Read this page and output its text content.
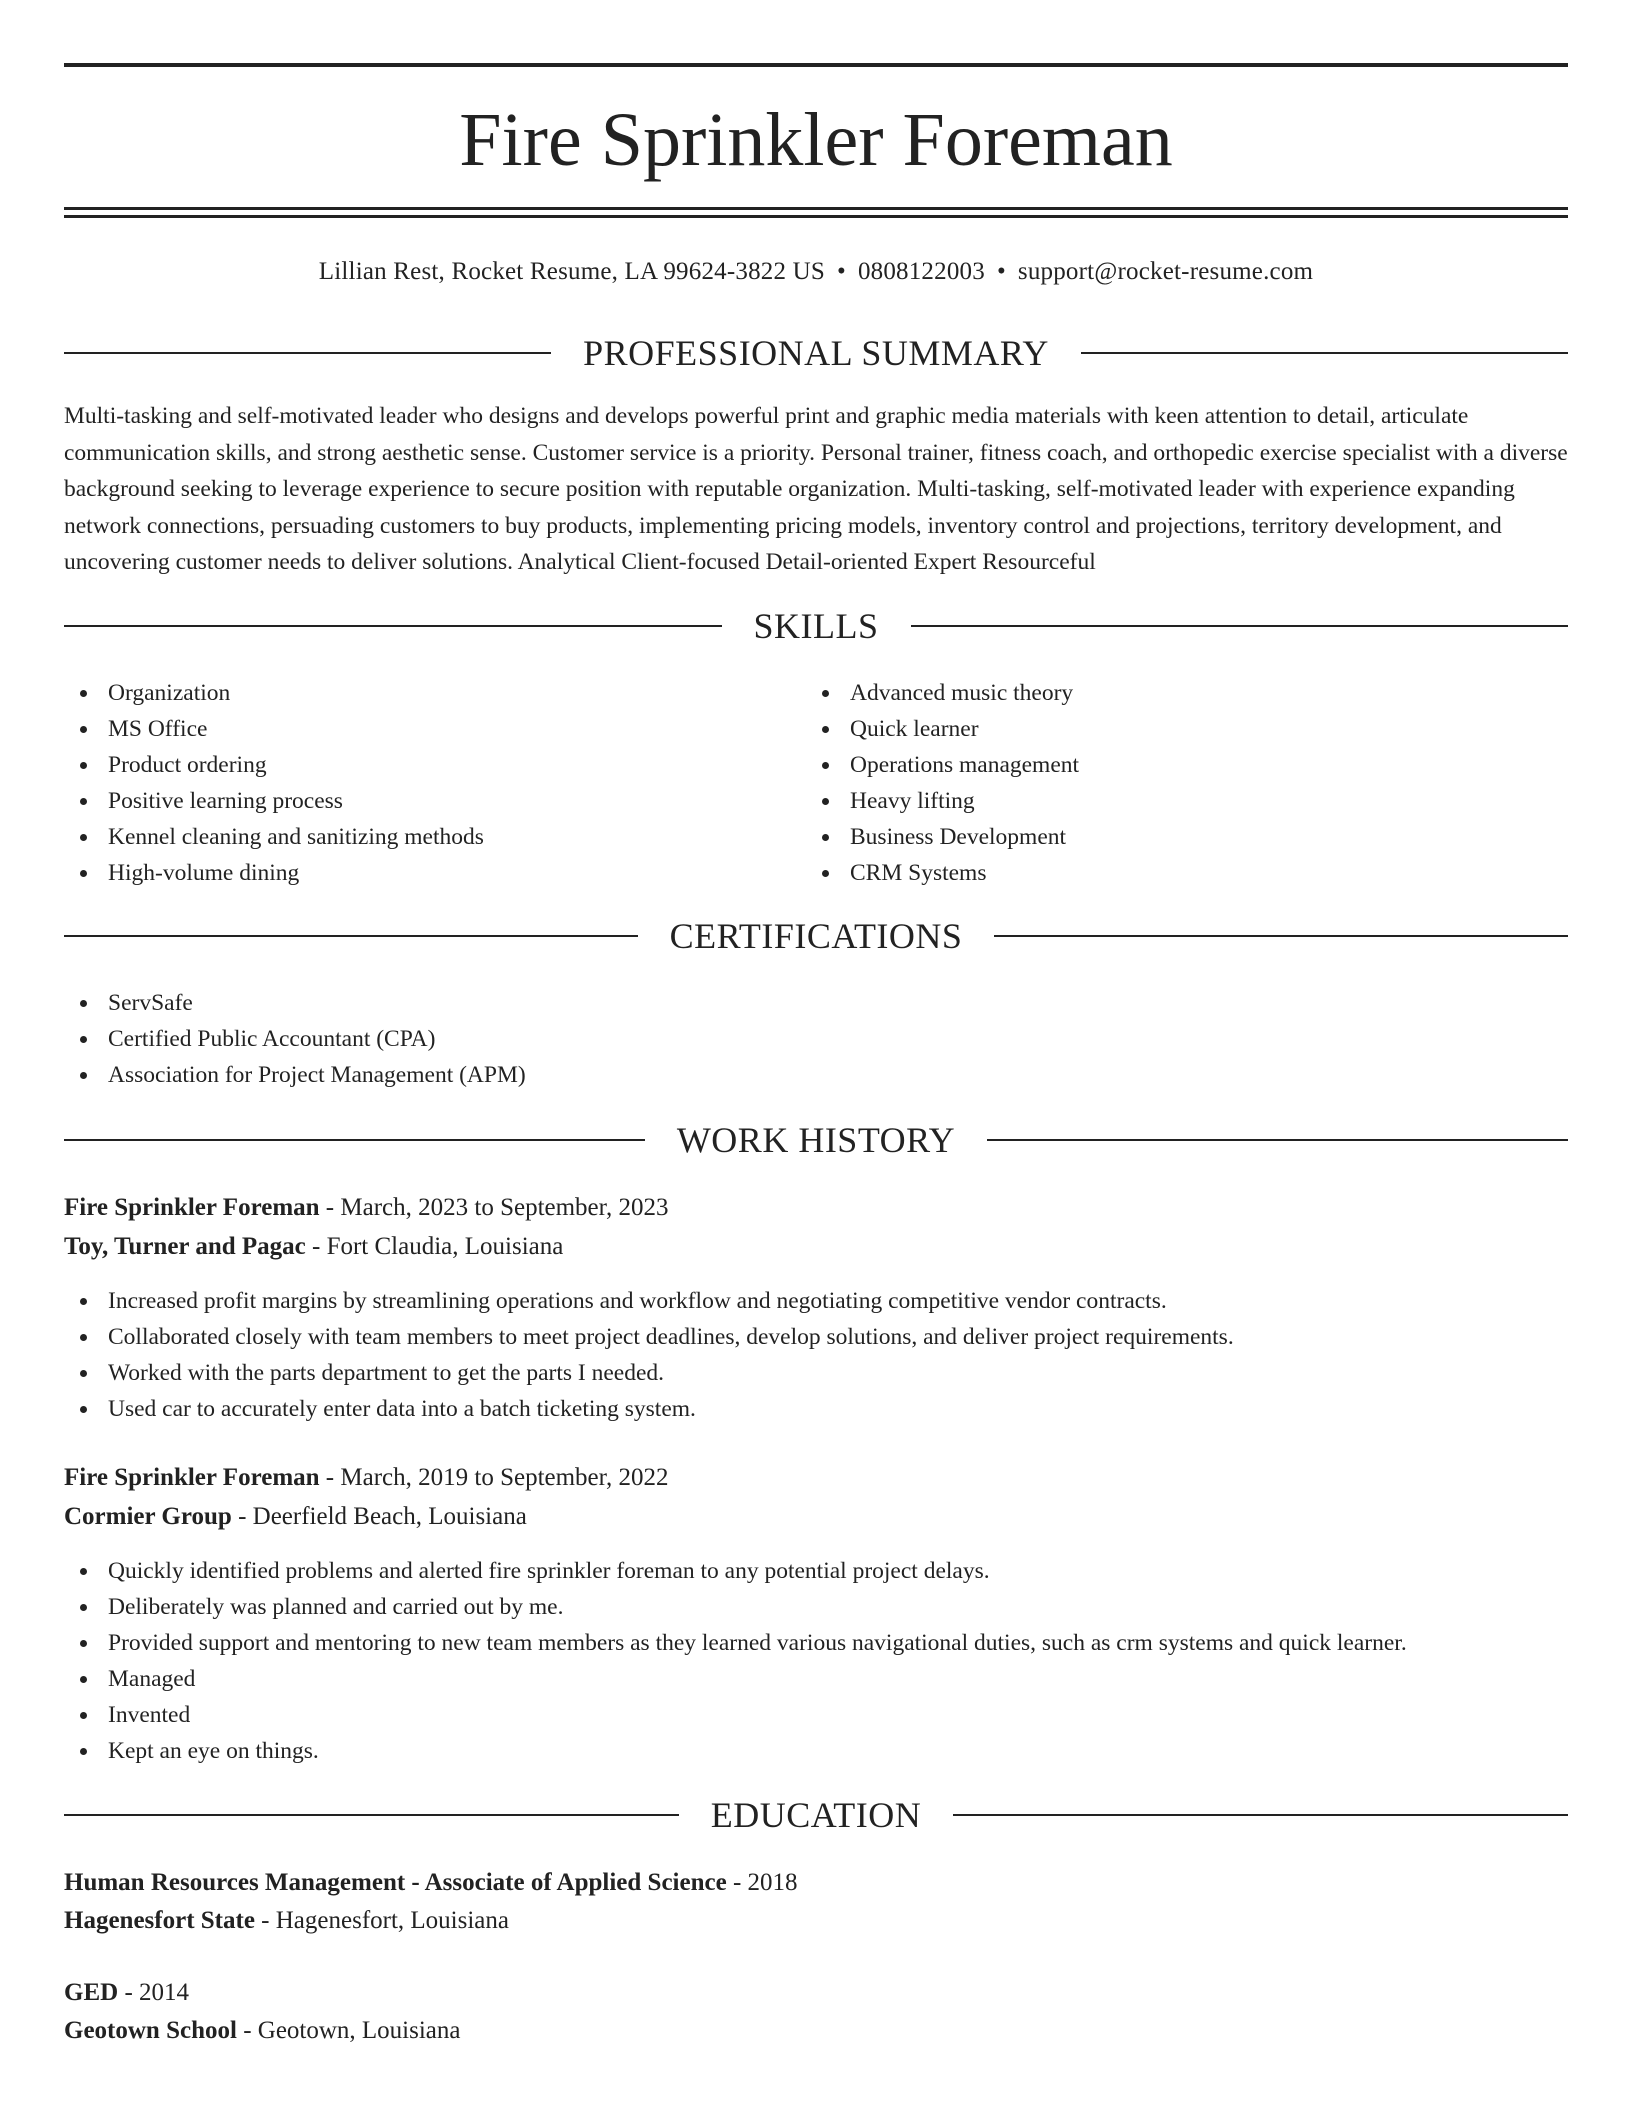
Fire Sprinkler Foreman
Lillian Rest, Rocket Resume, LA 99624-3822 US • 0808122003 • support@rocket-resume.com
PROFESSIONAL SUMMARY

Multi-tasking and self-motivated leader who designs and develops powerful print and graphic media materials with keen attention to detail, articulate communication skills, and strong aesthetic sense. Customer service is a priority. Personal trainer, fitness coach, and orthopedic exercise specialist with a diverse background seeking to leverage experience to secure position with reputable organization. Multi-tasking, self-motivated leader with experience expanding network connections, persuading customers to buy products, implementing pricing models, inventory control and projections, territory development, and uncovering customer needs to deliver solutions. Analytical Client-focused Detail-oriented Expert Resourceful

SKILLS
Organization
MS Office
Product ordering
Positive learning process
Kennel cleaning and sanitizing methods
High-volume dining
Advanced music theory
Quick learner
Operations management
Heavy lifting
Business Development
CRM Systems
CERTIFICATIONS
ServSafe
Certified Public Accountant (CPA)
Association for Project Management (APM)
WORK HISTORY
Fire Sprinkler Foreman - March, 2023 to September, 2023
Toy, Turner and Pagac - Fort Claudia, Louisiana
Increased profit margins by streamlining operations and workflow and negotiating competitive vendor contracts.
Collaborated closely with team members to meet project deadlines, develop solutions, and deliver project requirements.
Worked with the parts department to get the parts I needed.
Used car to accurately enter data into a batch ticketing system.
Fire Sprinkler Foreman - March, 2019 to September, 2022
Cormier Group - Deerfield Beach, Louisiana
Quickly identified problems and alerted fire sprinkler foreman to any potential project delays.
Deliberately was planned and carried out by me.
Provided support and mentoring to new team members as they learned various navigational duties, such as crm systems and quick learner.
Managed
Invented
Kept an eye on things.
EDUCATION
Human Resources Management - Associate of Applied Science - 2018
Hagenesfort State - Hagenesfort, Louisiana
GED - 2014
Geotown School - Geotown, Louisiana
